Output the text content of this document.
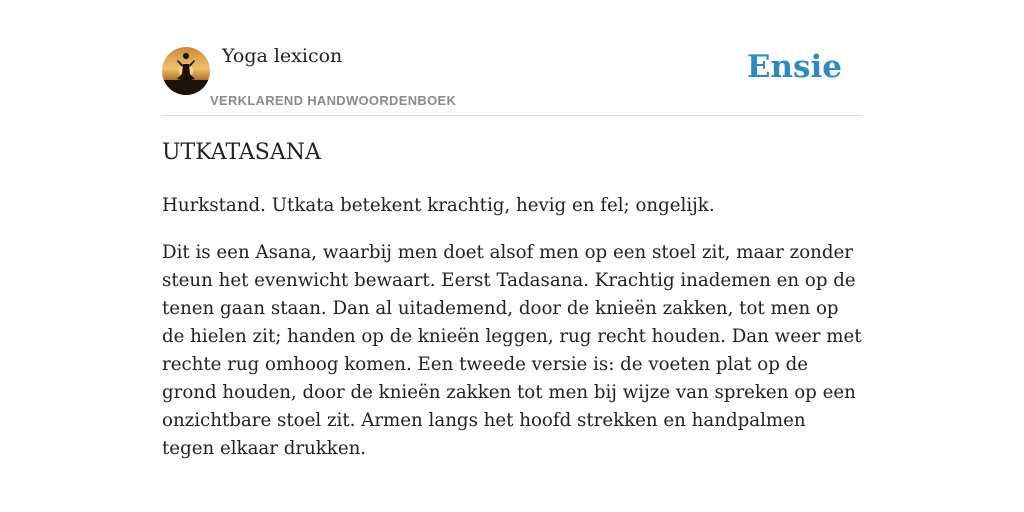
Yoga lexicon
VERKLAREND HANDWOORDENBOEK
Ensie
UTKATASANA

Hurkstand. Utkata betekent krachtig, hevig en fel; ongelijk.

Dit is een Asana, waarbij men doet alsof men op een stoel zit, maar zonder steun het evenwicht bewaart. Eerst Tadasana. Krachtig inademen en op de tenen gaan staan. Dan al uitademend, door de knieën zakken, tot men op de hielen zit; handen op de knieën leggen, rug recht houden. Dan weer met rechte rug omhoog komen. Een tweede versie is: de voeten plat op de grond houden, door de knieën zakken tot men bij wijze van spreken op een onzichtbare stoel zit. Armen langs het hoofd strekken en handpalmen tegen elkaar drukken.
